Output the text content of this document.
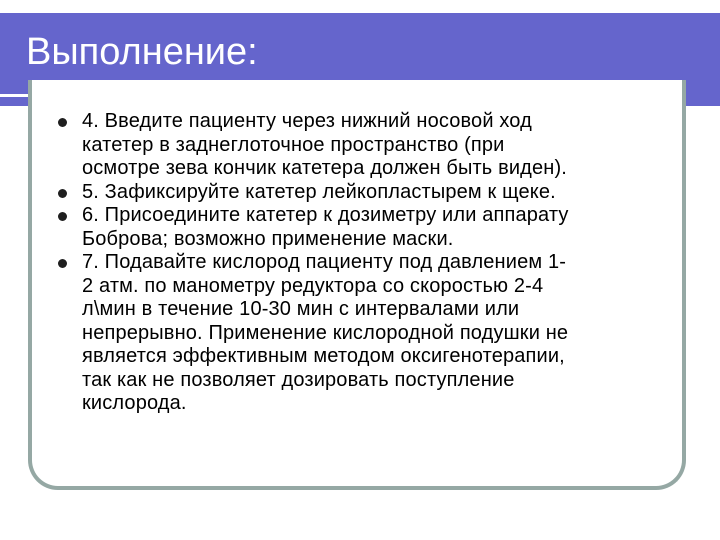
Выполнение:
4. Введите пациенту через нижний носовой ход
катетер в заднеглоточное пространство (при
осмотре зева кончик катетера должен быть виден).
5. Зафиксируйте катетер лейкопластырем к щеке.
6. Присоедините катетер к дозиметру или аппарату
Боброва; возможно применение маски.
7. Подавайте кислород пациенту под давлением 1-
2 атм. по манометру редуктора со скоростью 2-4
л\мин в течение 10-30 мин с интервалами или
непрерывно. Применение кислородной подушки не
является эффективным методом оксигенотерапии,
так как не позволяет дозировать поступление
кислорода.
